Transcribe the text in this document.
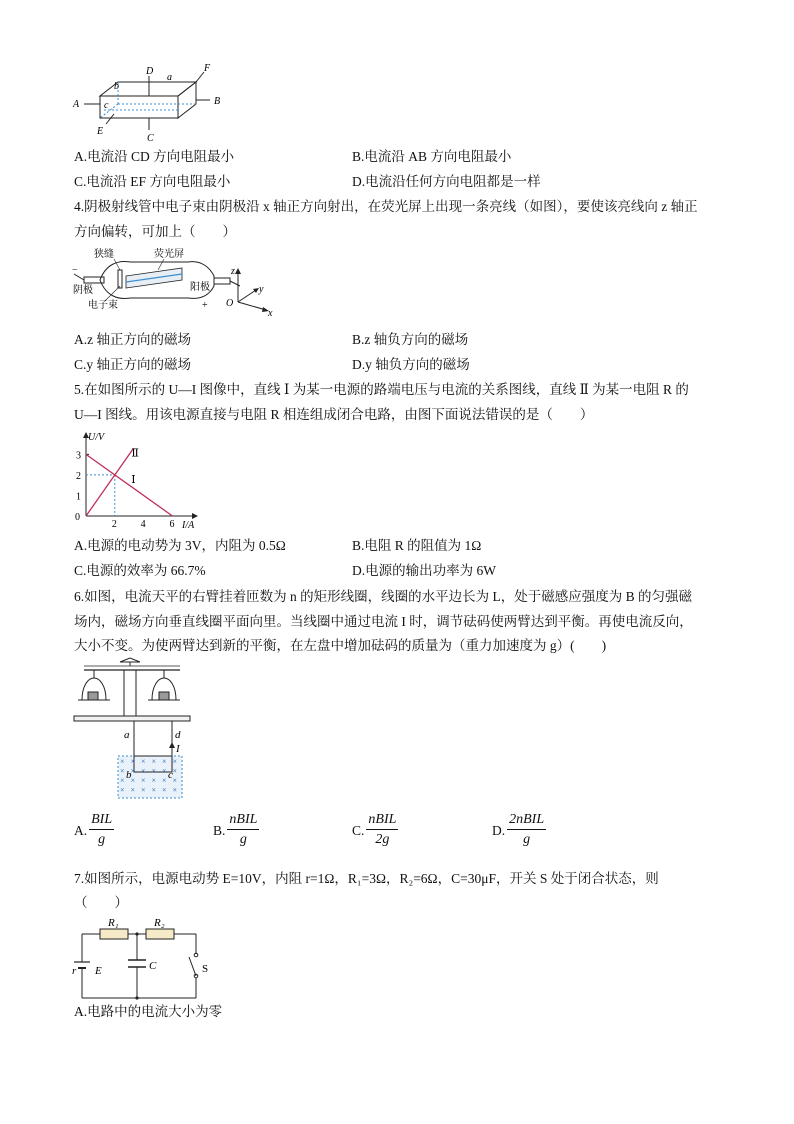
A	B
D
a
F
b
c
E
C
A.电流沿 CD 方向电阻最小	B.电流沿 AB 方向电阻最小
C.电流沿 EF 方向电阻最小	D.电流沿任何方向电阻都是一样
4.阴极射线管中电子束由阴极沿 x 轴正方向射出，在荧光屏上出现一条亮线（如图），要使该亮线向 z 轴正
方向偏转，可加上（　　）
−
狭缝	荧光屏
阴极	阳极
+
电子束
z
y
x
O
A.z 轴正方向的磁场	B.z 轴负方向的磁场
C.y 轴正方向的磁场	D.y 轴负方向的磁场
5.在如图所示的 U—I 图像中，直线 Ⅰ 为某一电源的路端电压与电流的关系图线，直线 Ⅱ 为某一电阻 R 的
U—I 图线。用该电源直接与电阻 R 相连组成闭合电路，由图下面说法错误的是（　　）
Ⅰ
Ⅱ
2 4 6
1
2
3
0
I/A
U/V
A.电源的电动势为 3V，内阻为 0.5Ω	B.电阻 R 的阻值为 1Ω
C.电源的效率为 66.7%	D.电源的输出功率为 6W
6.如图，电流天平的右臂挂着匝数为 n 的矩形线圈，线圈的水平边长为 L，处于磁感应强度为 B 的匀强磁
场内，磁场方向垂直线圈平面向里。当线圈中通过电流 I 时，调节砝码使两臂达到平衡。再使电流反向，
大小不变。为使两臂达到新的平衡，在左盘中增加砝码的质量为（重力加速度为 g）(　　)
× × × × × ×
× × × × × ×
× × × × × ×
× × × × × ×
a	d
I
b	c
A. $\frac{\text{BIL}}{g}$	B. $\frac{\text{nBIL}}{g}$	C. $\frac{\text{nBIL}}{2g}$	D. $\frac{\text{2nBIL}}{g}$
7.如图所示，电源电动势 E=10V，内阻 r=1Ω，R₁=3Ω，R₂=6Ω，C=30μF，开关 S 处于闭合状态，则
（　　）
R₁	R₂
C
r E	S
A.电路中的电流大小为零
